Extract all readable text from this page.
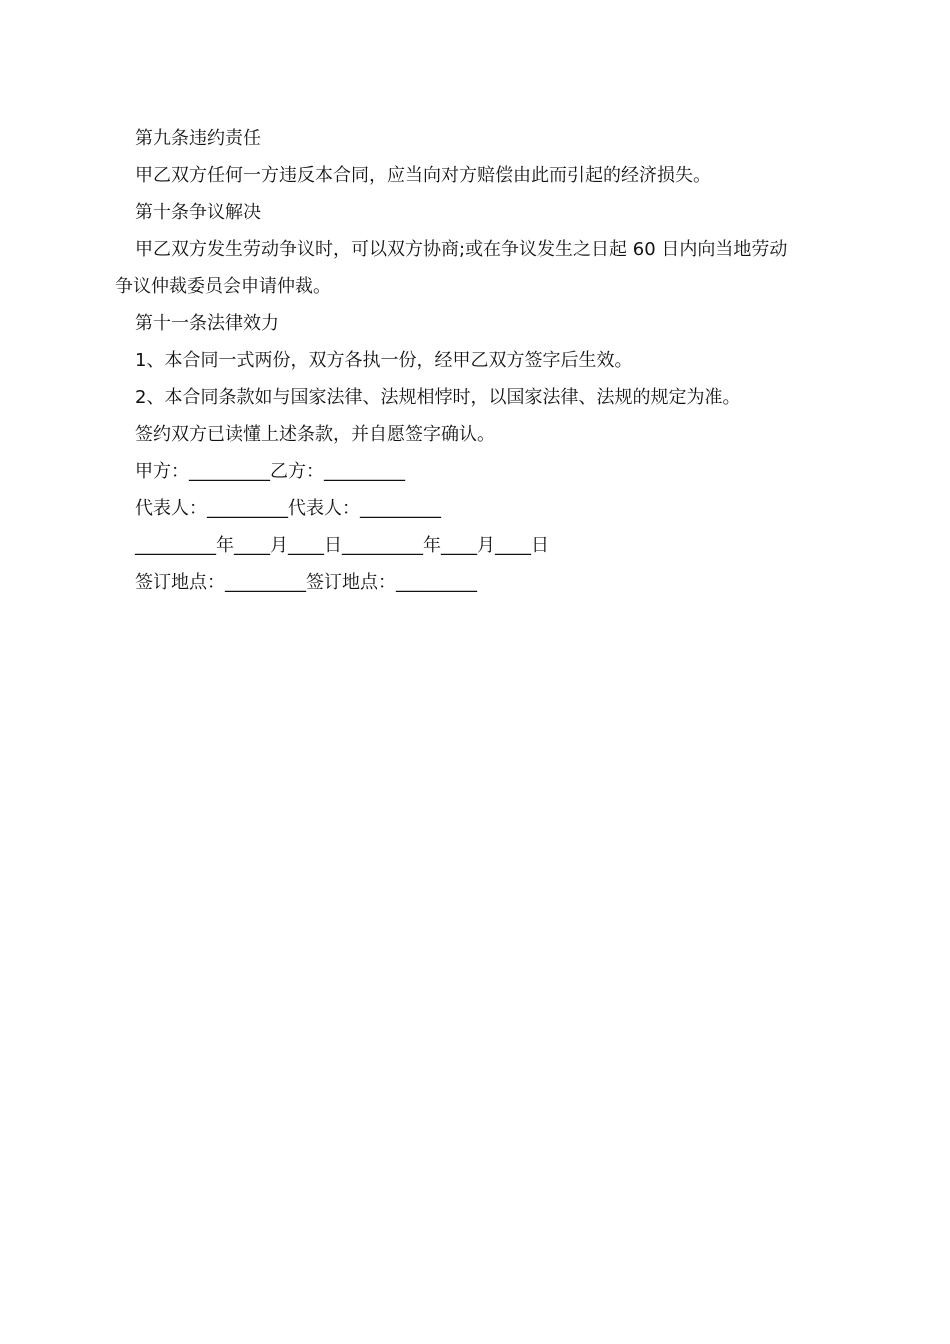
第九条违约责任

甲乙双方任何一方违反本合同，应当向对方赔偿由此而引起的经济损失。

第十条争议解决

甲乙双方发生劳动争议时，可以双方协商;或在争议发生之日起 60 日内向当地劳动

争议仲裁委员会申请仲裁。

第十一条法律效力

1、本合同一式两份，双方各执一份，经甲乙双方签字后生效。

2、本合同条款如与国家法律、法规相悖时，以国家法律、法规的规定为准。

签约双方已读懂上述条款，并自愿签字确认。

甲方：_________乙方：_________

代表人：_________代表人：_________

_________年____月____日_________年____月____日

签订地点：_________签订地点：_________
